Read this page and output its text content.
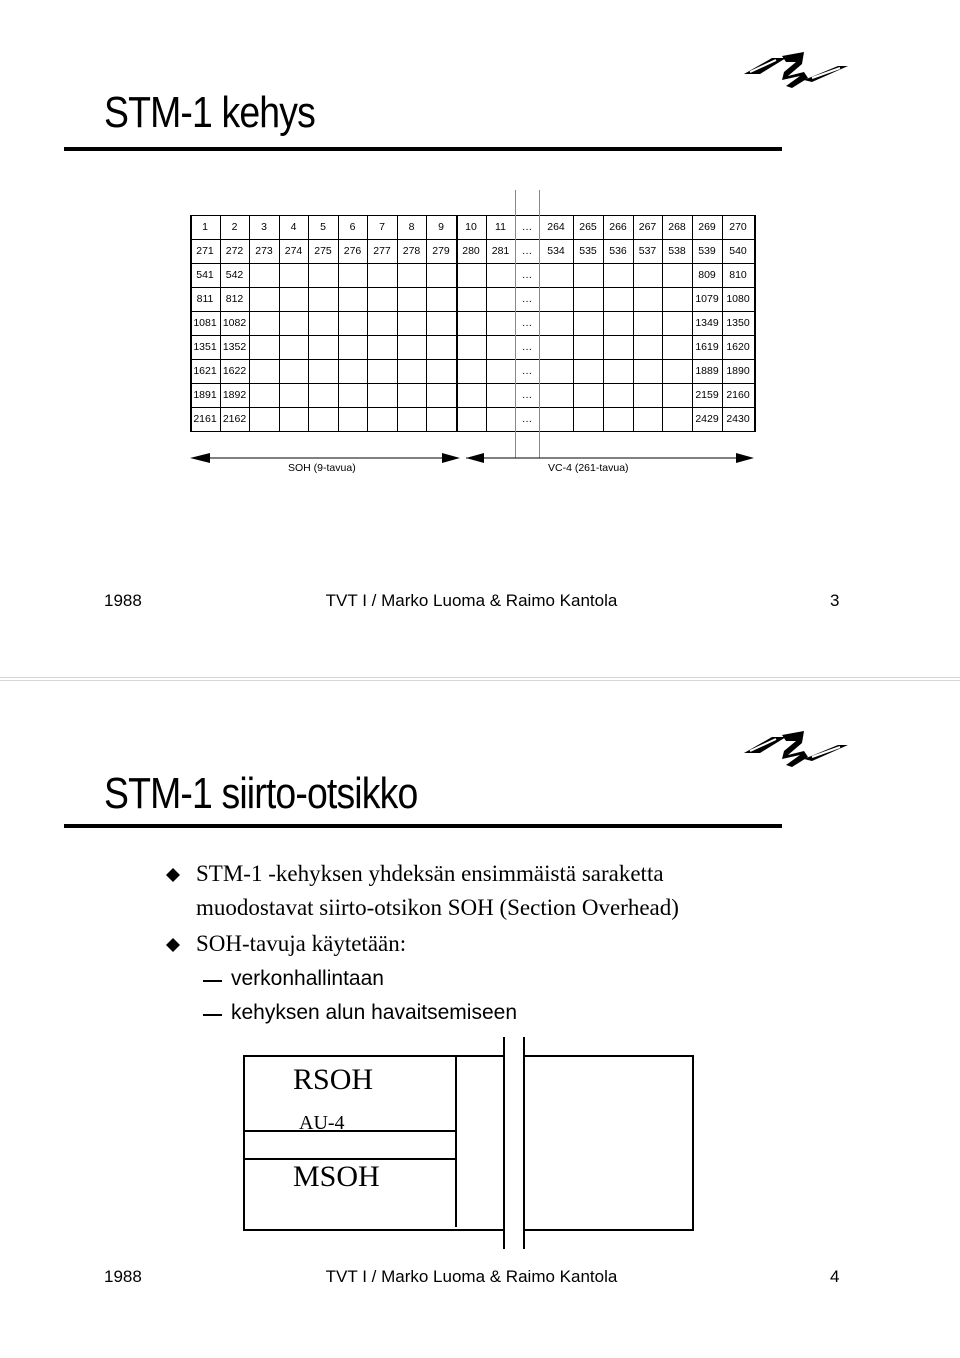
STM-1 kehys
1	2	3	4	5	6	7	8	9	10	11	…	264	265	266	267	268	269	270
271	272	273	274	275	276	277	278	279	280	281	…	534	535	536	537	538	539	540
541	542	…	809	810
811	812	…	1079 1080
1081 1082	…	1349 1350
1351 1352	…	1619 1620
1621 1622	…	1889 1890
1891 1892	…	2159 2160
2161 2162	…	2429 2430
SOH (9-tavua)	VC-4 (261-tavua)
1988	TVT I / Marko Luoma & Raimo Kantola	3
STM-1 siirto-otsikko
STM-1 -kehyksen yhdeksän ensimmäistä saraketta
muodostavat siirto-otsikon SOH (Section Overhead)
SOH-tavuja käytetään:
verkonhallintaan
kehyksen alun havaitsemiseen
1988	TVT I / Marko Luoma & Raimo Kantola	4
RSOH
AU-4
MSOH
